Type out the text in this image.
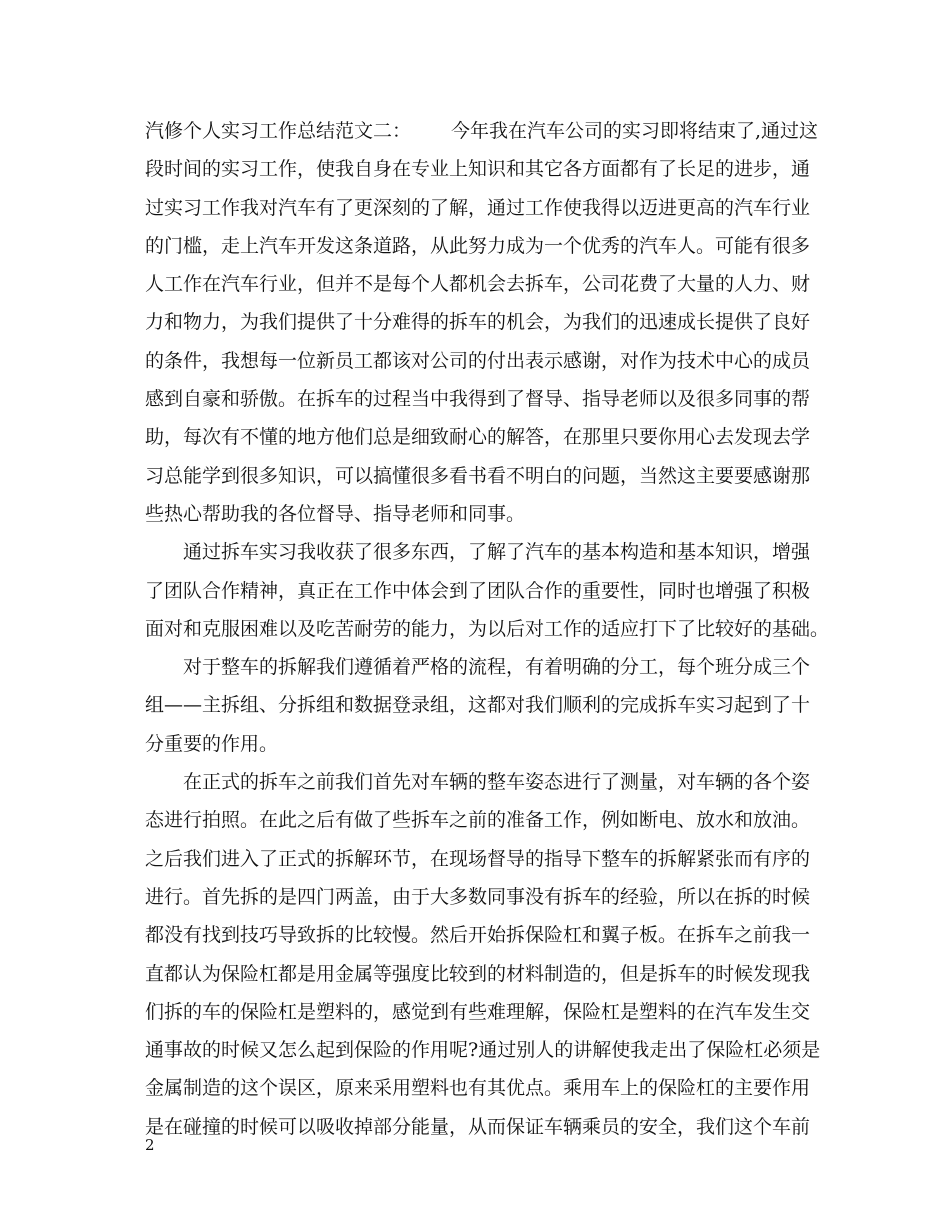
汽修个人实习工作总结范文二： 今年我在汽车公司的实习即将结束了,通过这
段时间的实习工作，使我自身在专业上知识和其它各方面都有了长足的进步，通
过实习工作我对汽车有了更深刻的了解，通过工作使我得以迈进更高的汽车行业
的门槛，走上汽车开发这条道路，从此努力成为一个优秀的汽车人。可能有很多
人工作在汽车行业，但并不是每个人都机会去拆车，公司花费了大量的人力、财
力和物力，为我们提供了十分难得的拆车的机会，为我们的迅速成长提供了良好
的条件，我想每一位新员工都该对公司的付出表示感谢，对作为技术中心的成员
感到自豪和骄傲。在拆车的过程当中我得到了督导、指导老师以及很多同事的帮
助，每次有不懂的地方他们总是细致耐心的解答，在那里只要你用心去发现去学
习总能学到很多知识，可以搞懂很多看书看不明白的问题，当然这主要要感谢那
些热心帮助我的各位督导、指导老师和同事。
通过拆车实习我收获了很多东西，了解了汽车的基本构造和基本知识，增强
了团队合作精神，真正在工作中体会到了团队合作的重要性，同时也增强了积极
面对和克服困难以及吃苦耐劳的能力，为以后对工作的适应打下了比较好的基础。
对于整车的拆解我们遵循着严格的流程，有着明确的分工，每个班分成三个
组——主拆组、分拆组和数据登录组，这都对我们顺利的完成拆车实习起到了十
分重要的作用。
在正式的拆车之前我们首先对车辆的整车姿态进行了测量，对车辆的各个姿
态进行拍照。在此之后有做了些拆车之前的准备工作，例如断电、放水和放油。
之后我们进入了正式的拆解环节，在现场督导的指导下整车的拆解紧张而有序的
进行。首先拆的是四门两盖，由于大多数同事没有拆车的经验，所以在拆的时候
都没有找到技巧导致拆的比较慢。然后开始拆保险杠和翼子板。在拆车之前我一
直都认为保险杠都是用金属等强度比较到的材料制造的，但是拆车的时候发现我
们拆的车的保险杠是塑料的，感觉到有些难理解，保险杠是塑料的在汽车发生交
通事故的时候又怎么起到保险的作用呢?通过别人的讲解使我走出了保险杠必须是
金属制造的这个误区，原来采用塑料也有其优点。乘用车上的保险杠的主要作用
是在碰撞的时候可以吸收掉部分能量，从而保证车辆乘员的安全，我们这个车前
2
